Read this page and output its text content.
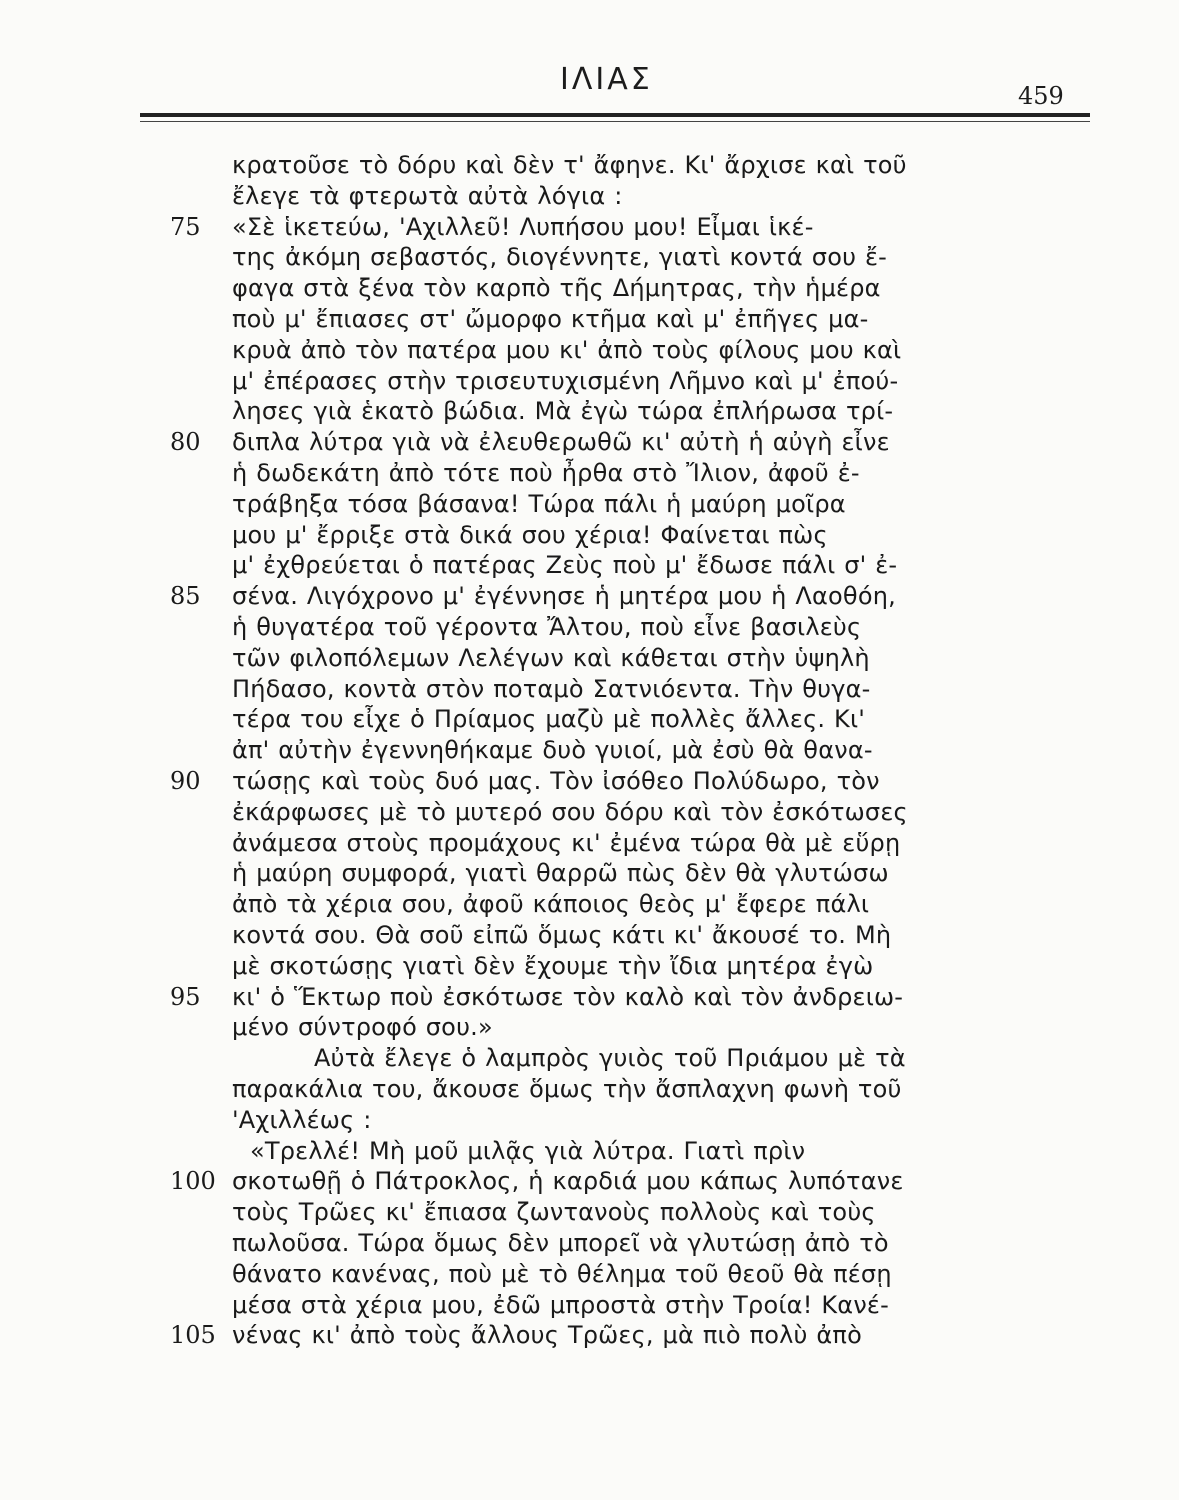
ΙΛΙΑΣ	459
κρατοῦσε τὸ δόρυ καὶ δὲν τ' ἄφηνε. Κι' ἄρχισε καὶ τοῦ
ἔλεγε τὰ φτερωτὰ αὐτὰ λόγια :
75	«Σὲ ἱκετεύω, 'Αχιλλεῦ! Λυπήσου μου! Εἶμαι ἱκέ-
της ἀκόμη σεβαστός, διογέννητε, γιατὶ κοντά σου ἔ-
φαγα στὰ ξένα τὸν καρπὸ τῆς Δήμητρας, τὴν ἡμέρα
ποὺ μ' ἔπιασες στ' ὤμορφο κτῆμα καὶ μ' ἐπῆγες μα-
κρυὰ ἀπὸ τὸν πατέρα μου κι' ἀπὸ τοὺς φίλους μου καὶ
μ' ἐπέρασες στὴν τρισευτυχισμένη Λῆμνο καὶ μ' ἐπού-
λησες γιὰ ἑκατὸ βώδια. Μὰ ἐγὼ τώρα ἐπλήρωσα τρί-
80	διπλα λύτρα γιὰ νὰ ἐλευθερωθῶ κι' αὐτὴ ἡ αὐγὴ εἶνε
ἡ δωδεκάτη ἀπὸ τότε ποὺ ἦρθα στὸ Ἴλιον, ἀφοῦ ἐ-
τράβηξα τόσα βάσανα! Τώρα πάλι ἡ μαύρη μοῖρα
μου μ' ἔρριξε στὰ δικά σου χέρια! Φαίνεται πὼς
μ' ἐχθρεύεται ὁ πατέρας Ζεὺς ποὺ μ' ἔδωσε πάλι σ' ἐ-
85	σένα. Λιγόχρονο μ' ἐγέννησε ἡ μητέρα μου ἡ Λαοθόη,
ἡ θυγατέρα τοῦ γέροντα Ἄλτου, ποὺ εἶνε βασιλεὺς
τῶν φιλοπόλεμων Λελέγων καὶ κάθεται στὴν ὑψηλὴ
Πήδασο, κοντὰ στὸν ποταμὸ Σατνιόεντα. Τὴν θυγα-
τέρα του εἶχε ὁ Πρίαμος μαζὺ μὲ πολλὲς ἄλλες. Κι'
ἀπ' αὐτὴν ἐγεννηθήκαμε δυὸ γυιοί, μὰ ἐσὺ θὰ θανα-
90	τώσῃς καὶ τοὺς δυό μας. Τὸν ἰσόθεο Πολύδωρο, τὸν
ἐκάρφωσες μὲ τὸ μυτερό σου δόρυ καὶ τὸν ἐσκότωσες
ἀνάμεσα στοὺς προμάχους κι' ἐμένα τώρα θὰ μὲ εὕρῃ
ἡ μαύρη συμφορά, γιατὶ θαρρῶ πὼς δὲν θὰ γλυτώσω
ἀπὸ τὰ χέρια σου, ἀφοῦ κάποιος θεὸς μ' ἔφερε πάλι
κοντά σου. Θὰ σοῦ εἰπῶ ὅμως κάτι κι' ἄκουσέ το. Μὴ
μὲ σκοτώσῃς γιατὶ δὲν ἔχουμε τὴν ἴδια μητέρα ἐγὼ
95	κι' ὁ Ἕκτωρ ποὺ ἐσκότωσε τὸν καλὸ καὶ τὸν ἀνδρειω-
μένο σύντροφό σου.»
Αὐτὰ ἔλεγε ὁ λαμπρὸς γυιὸς τοῦ Πριάμου μὲ τὰ
παρακάλια του, ἄκουσε ὅμως τὴν ἄσπλαχνη φωνὴ τοῦ
'Αχιλλέως :
«Τρελλέ! Μὴ μοῦ μιλᾷς γιὰ λύτρα. Γιατὶ πρὶν
100 σκοτωθῇ ὁ Πάτροκλος, ἡ καρδιά μου κάπως λυπότανε
τοὺς Τρῶες κι' ἔπιασα ζωντανοὺς πολλοὺς καὶ τοὺς
πωλοῦσα. Τώρα ὅμως δὲν μπορεῖ νὰ γλυτώσῃ ἀπὸ τὸ
θάνατο κανένας, ποὺ μὲ τὸ θέλημα τοῦ θεοῦ θὰ πέσῃ
μέσα στὰ χέρια μου, ἐδῶ μπροστὰ στὴν Τροία! Κανέ-
105 νένας κι' ἀπὸ τοὺς ἄλλους Τρῶες, μὰ πιὸ πολὺ ἀπὸ
